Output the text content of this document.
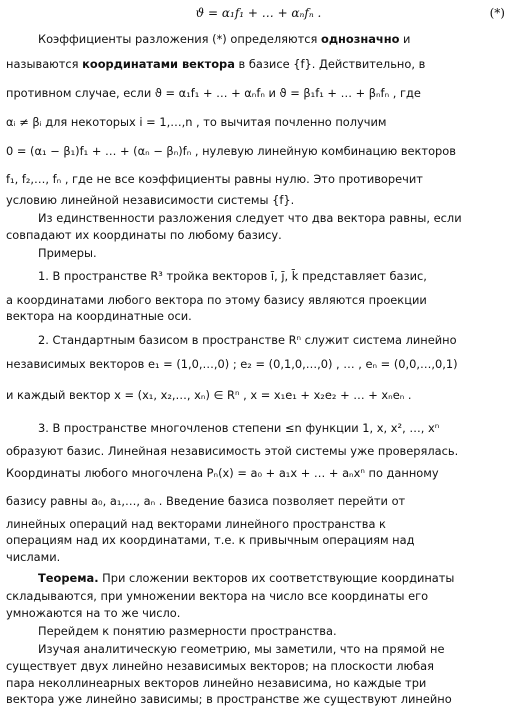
ϑ = α₁f₁ + … + αₙfₙ .	(*)
Коэффициенты разложения (*) определяются однозначно и
называются координатами вектора в базисе {f}. Действительно, в
противном случае, если ϑ = α₁f₁ + … + αₙfₙ и ϑ = β₁f₁ + … + βₙfₙ , где
αᵢ ≠ βᵢ для некоторых i = 1,…,n , то вычитая почленно получим
0 = (α₁ − β₁)f₁ + … + (αₙ − βₙ)fₙ , нулевую линейную комбинацию векторов
f₁, f₂,…, fₙ , где не все коэффициенты равны нулю. Это противоречит
условию линейной независимости системы {f}.
Из единственности разложения следует что два вектора равны, если
совпадают их координаты по любому базису.
Примеры.
1. В пространстве R³ тройка векторов ī, j̄, k̄ представляет базис,
а координатами любого вектора по этому базису являются проекции
вектора на координатные оси.
2. Стандартным базисом в пространстве Rⁿ служит система линейно
независимых векторов e₁ = (1,0,…,0) ; e₂ = (0,1,0,…,0) , … , eₙ = (0,0,…,0,1)
и каждый вектор x = (x₁, x₂,…, xₙ) ∈ Rⁿ , x = x₁e₁ + x₂e₂ + … + xₙeₙ .
3. В пространстве многочленов степени ≤n функции 1, x, x², …, xⁿ
образуют базис. Линейная независимость этой системы уже проверялась.
Координаты любого многочлена Pₙ(x) = a₀ + a₁x + … + aₙxⁿ по данному
базису равны a₀, a₁,…, aₙ . Введение базиса позволяет перейти от
линейных операций над векторами линейного пространства к
операциям над их координатами, т.е. к привычным операциям над
числами.
Теорема. При сложении векторов их соответствующие координаты
складываются, при умножении вектора на число все координаты его
умножаются на то же число.
Перейдем к понятию размерности пространства.
Изучая аналитическую геометрию, мы заметили, что на прямой не
существует двух линейно независимых векторов; на плоскости любая
пара неколлинеарных векторов линейно независима, но каждые три
вектора уже линейно зависимы; в пространстве же существуют линейно
